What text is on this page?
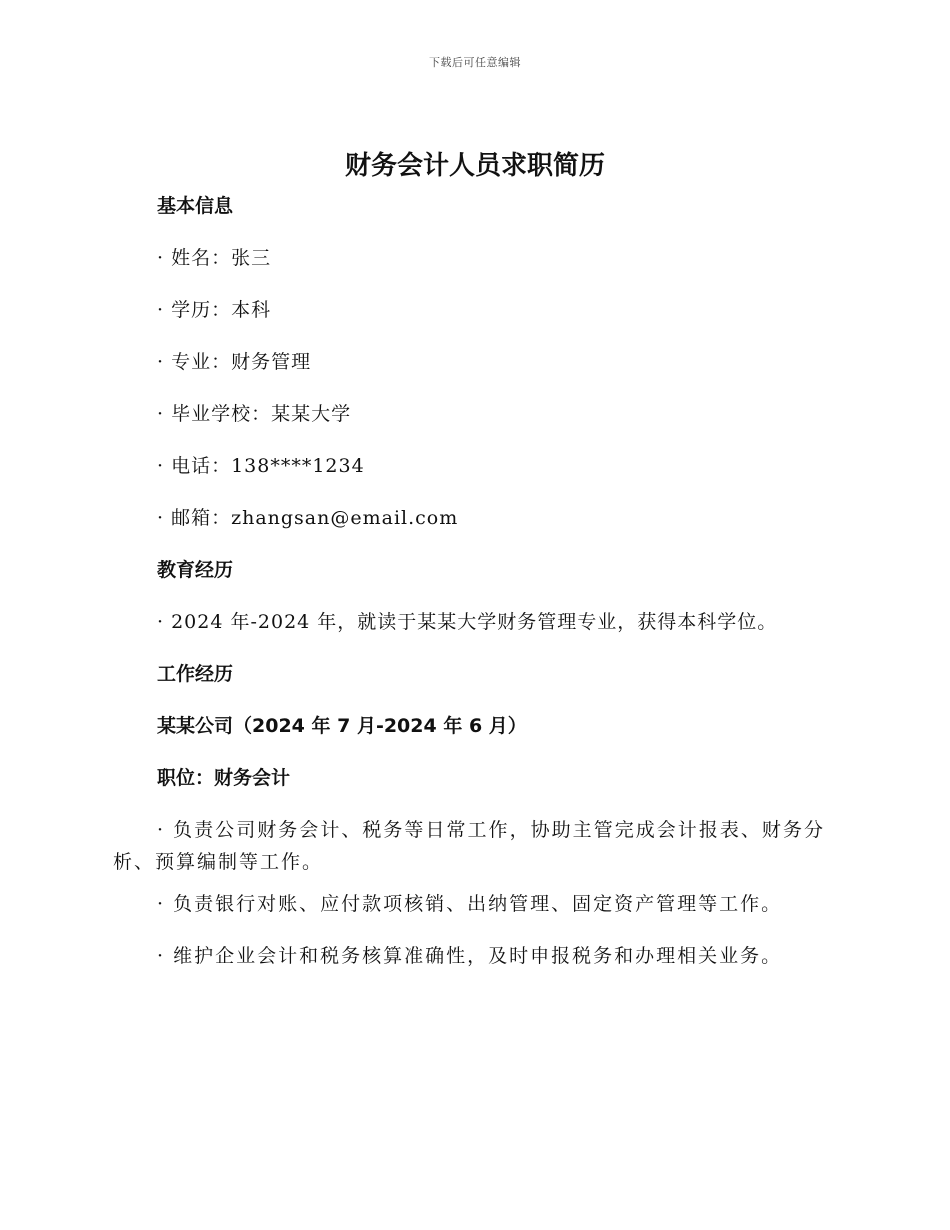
下载后可任意编辑
财务会计人员求职简历
基本信息
· 姓名：张三
· 学历：本科
· 专业：财务管理
· 毕业学校：某某大学
· 电话：138****1234
· 邮箱：zhangsan@email.com
教育经历
· 2024 年-2024 年，就读于某某大学财务管理专业，获得本科学位。
工作经历
某某公司（2024 年 7 月-2024 年 6 月）
职位：财务会计
· 负责公司财务会计、税务等日常工作，协助主管完成会计报表、财务分析、预算编制等工作。
· 负责银行对账、应付款项核销、出纳管理、固定资产管理等工作。
· 维护企业会计和税务核算准确性，及时申报税务和办理相关业务。
